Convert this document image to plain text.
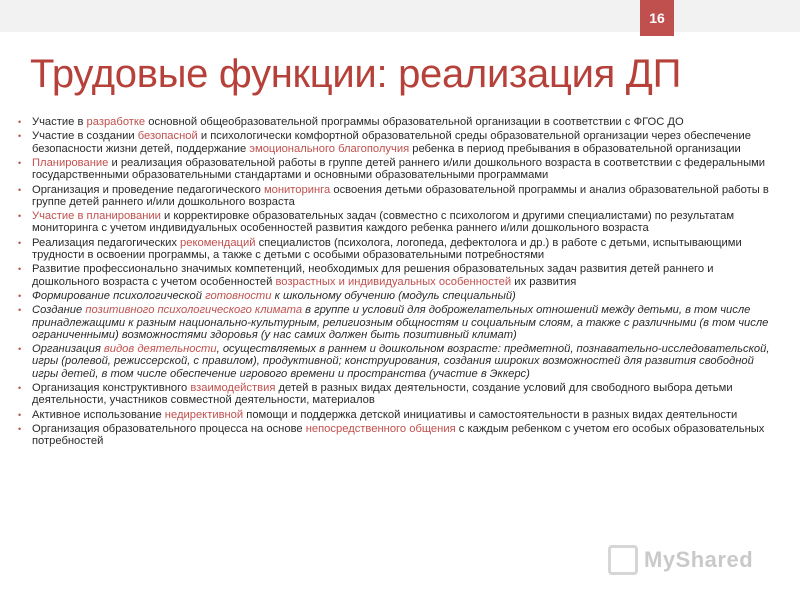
16
Трудовые функции: реализация ДП
• Участие в разработке основной общеобразовательной программы образовательной организации в соответствии с ФГОС ДО
• Участие в создании безопасной и психологически комфортной образовательной среды образовательной организации через обеспечение безопасности жизни детей, поддержание эмоционального благополучия ребенка в период пребывания в образовательной организации
• Планирование и реализация образовательной работы в группе детей раннего и/или дошкольного возраста в соответствии с федеральными государственными образовательными стандартами и основными образовательными программами
• Организация и проведение педагогического мониторинга освоения детьми образовательной программы и анализ образовательной работы в группе детей раннего и/или дошкольного возраста
• Участие в планировании и корректировке образовательных задач (совместно с психологом и другими специалистами) по результатам мониторинга с учетом индивидуальных особенностей развития каждого ребенка раннего и/или дошкольного возраста
• Реализация педагогических рекомендаций специалистов (психолога, логопеда, дефектолога и др.) в работе с детьми, испытывающими трудности в освоении программы, а также с детьми с особыми образовательными потребностями
• Развитие профессионально значимых компетенций, необходимых для решения образовательных задач развития детей раннего и дошкольного возраста с учетом особенностей возрастных и индивидуальных особенностей их развития
• Формирование психологической готовности к школьному обучению (модуль специальный)
• Создание позитивного психологического климата в группе и условий для доброжелательных отношений между детьми, в том числе принадлежащими к разным национально-культурным, религиозным общностям и социальным слоям, а также с различными (в том числе ограниченными) возможностями здоровья (у нас самих должен быть позитивный климат)
• Организация видов деятельности, осуществляемых в раннем и дошкольном возрасте: предметной, познавательно-исследовательской, игры (ролевой, режиссерской, с правилом), продуктивной; конструирования, создания широких возможностей для развития свободной игры детей, в том числе обеспечение игрового времени и пространства (участие в Эккерс)
• Организация конструктивного взаимодействия детей в разных видах деятельности, создание условий для свободного выбора детьми деятельности, участников совместной деятельности, материалов
• Активное использование недирективной помощи и поддержка детской инициативы и самостоятельности в разных видах деятельности
• Организация образовательного процесса на основе непосредственного общения с каждым ребенком с учетом его особых образовательных потребностей
MyShared
